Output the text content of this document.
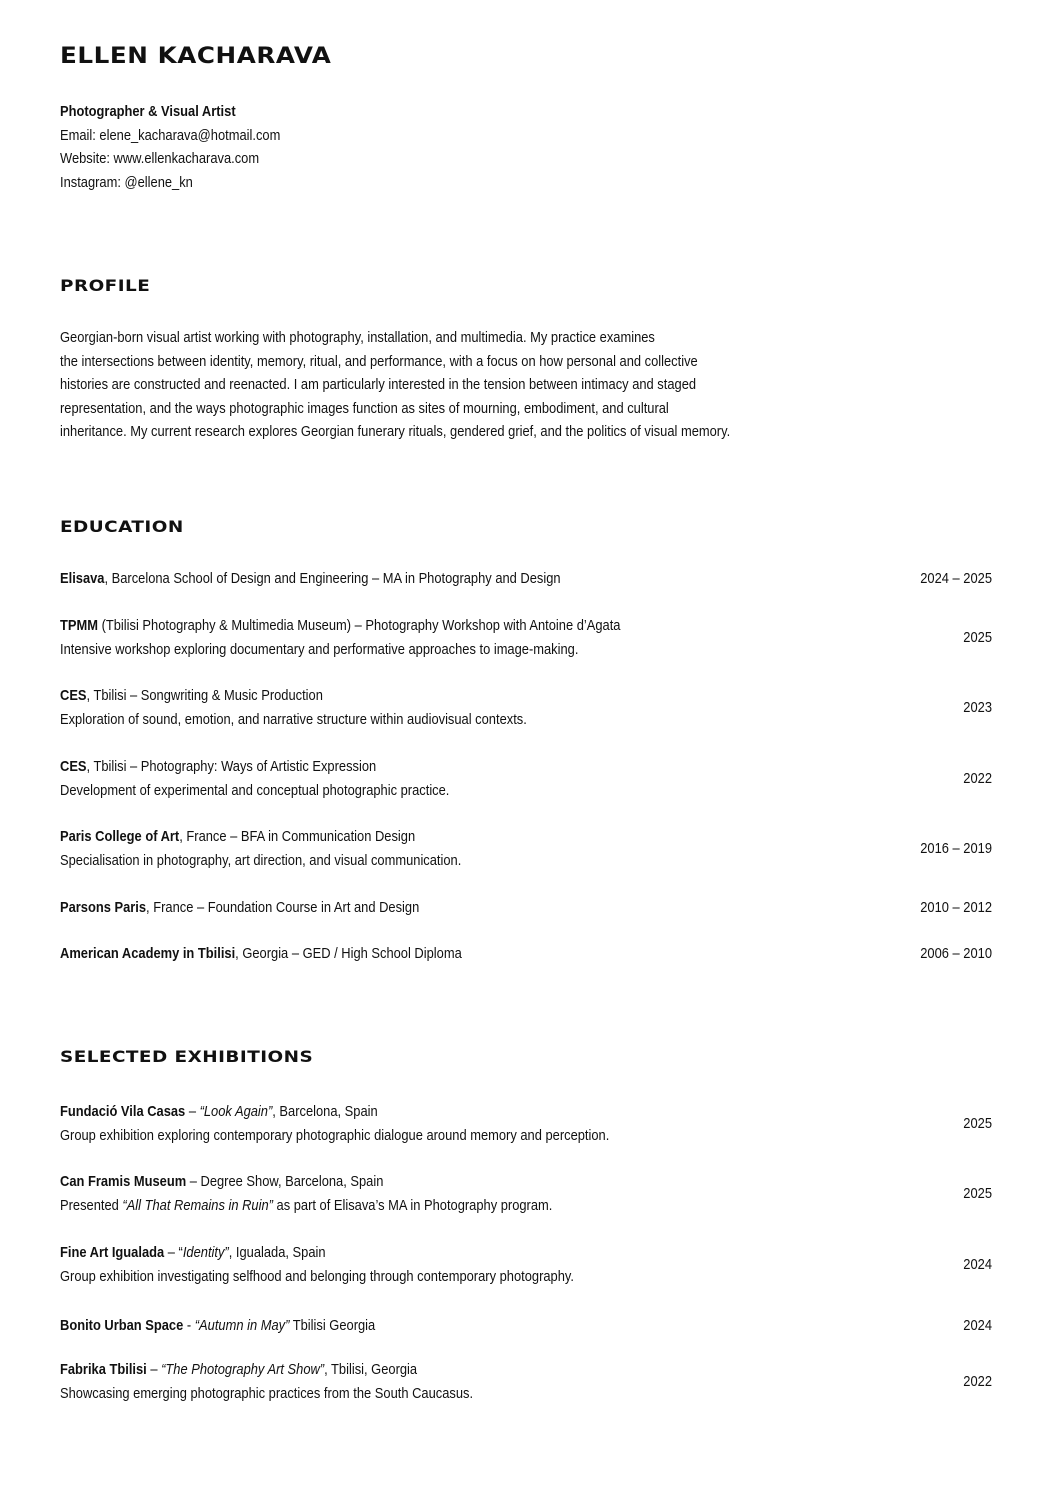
ELLEN KACHARAVA
Photographer & Visual Artist
Email: elene_kacharava@hotmail.com
Website: www.ellenkacharava.com
Instagram: @ellene_kn
PROFILE

Georgian-born visual artist working with photography, installation, and multimedia. My practice examines
the intersections between identity, memory, ritual, and performance, with a focus on how personal and collective
histories are constructed and reenacted. I am particularly interested in the tension between intimacy and staged
representation, and the ways photographic images function as sites of mourning, embodiment, and cultural
inheritance. My current research explores Georgian funerary rituals, gendered grief, and the politics of visual memory.

EDUCATION
Elisava, Barcelona School of Design and Engineering – MA in Photography and Design	2024 – 2025
TPMM (Tbilisi Photography & Multimedia Museum) – Photography Workshop with Antoine d’Agata
Intensive workshop exploring documentary and performative approaches to image-making.
2025
CES, Tbilisi – Songwriting & Music Production
Exploration of sound, emotion, and narrative structure within audiovisual contexts.
2023
CES, Tbilisi – Photography: Ways of Artistic Expression
Development of experimental and conceptual photographic practice.
2022
Paris College of Art, France – BFA in Communication Design
Specialisation in photography, art direction, and visual communication.
2016 – 2019
Parsons Paris, France – Foundation Course in Art and Design	2010 – 2012
American Academy in Tbilisi, Georgia – GED / High School Diploma	2006 – 2010
SELECTED EXHIBITIONS
Fundació Vila Casas – “Look Again”, Barcelona, Spain
Group exhibition exploring contemporary photographic dialogue around memory and perception.
2025
Can Framis Museum – Degree Show, Barcelona, Spain
Presented “All That Remains in Ruin” as part of Elisava’s MA in Photography program.
2025
Fine Art Igualada – “Identity”, Igualada, Spain
Group exhibition investigating selfhood and belonging through contemporary photography.
2024
Bonito Urban Space - “Autumn in May” Tbilisi Georgia	2024
Fabrika Tbilisi – “The Photography Art Show”, Tbilisi, Georgia
Showcasing emerging photographic practices from the South Caucasus.
2022
